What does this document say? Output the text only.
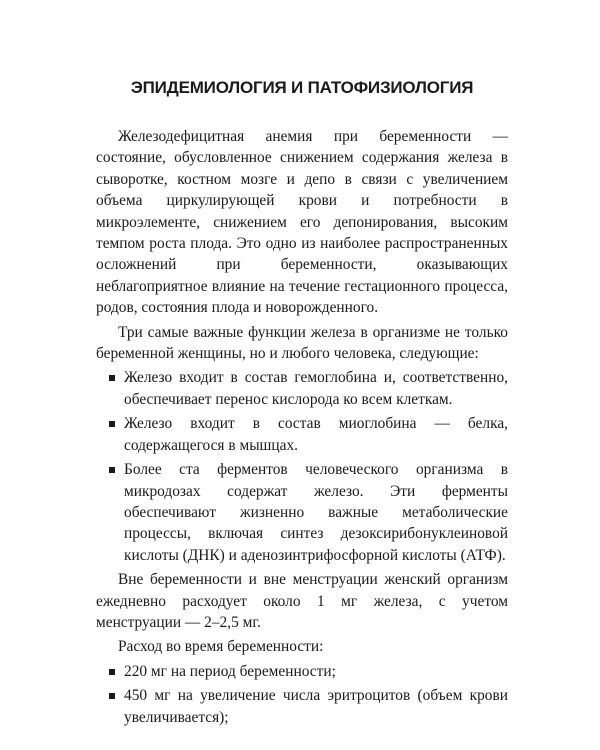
ЭПИДЕМИОЛОГИЯ И ПАТОФИЗИОЛОГИЯ

Железодефицитная анемия при беременности — состояние, обусловленное снижением содержания железа в сыворотке, костном мозге и депо в связи с увеличением объема циркулирующей крови и потребности в микроэлементе, снижением его депонирования, высоким темпом роста плода. Это одно из наиболее распространенных осложнений при беременности, оказывающих неблагоприятное влияние на течение гестационного процесса, родов, состояния плода и новорожденного.

Три самые важные функции железа в организме не только беременной женщины, но и любого человека, следующие:

Железо входит в состав гемоглобина и, соответственно, обеспечивает перенос кислорода ко всем клеткам.
Железо входит в состав миоглобина — белка, содержащегося в мышцах.
Более ста ферментов человеческого организма в микродозах содержат железо. Эти ферменты обеспечивают жизненно важные метаболические процессы, включая синтез дезоксирибонуклеиновой кислоты (ДНК) и аденозинтрифосфорной кислоты (АТФ).

Вне беременности и вне менструации женский организм ежедневно расходует около 1 мг железа, с учетом менструации — 2–2,5 мг.

Расход во время беременности:

220 мг на период беременности;
450 мг на увеличение числа эритроцитов (объем крови увеличивается);
